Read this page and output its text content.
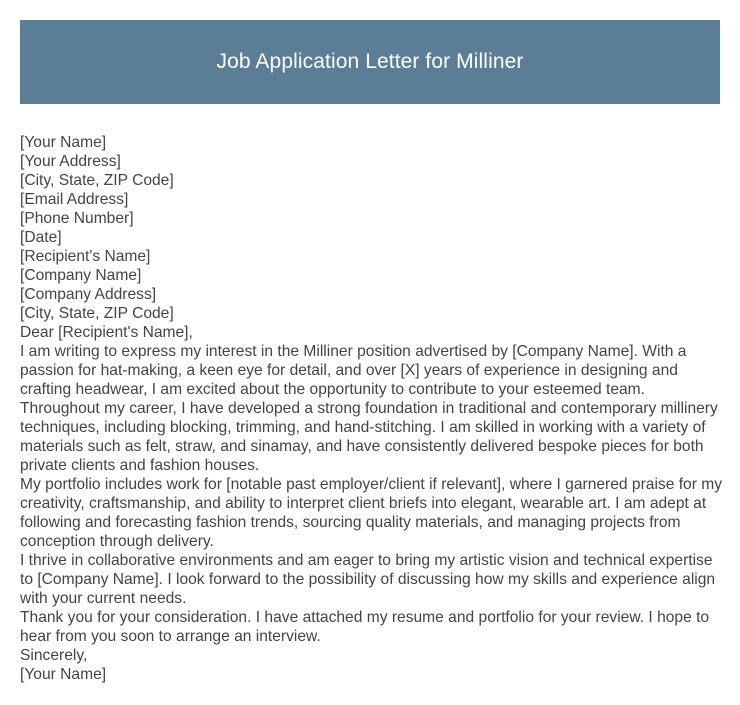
Job Application Letter for Milliner
[Your Name]
[Your Address]
[City, State, ZIP Code]
[Email Address]
[Phone Number]
[Date]
[Recipient's Name]
[Company Name]
[Company Address]
[City, State, ZIP Code]
Dear [Recipient's Name],
I am writing to express my interest in the Milliner position advertised by [Company Name]. With a passion for hat-making, a keen eye for detail, and over [X] years of experience in designing and crafting headwear, I am excited about the opportunity to contribute to your esteemed team.
Throughout my career, I have developed a strong foundation in traditional and contemporary millinery techniques, including blocking, trimming, and hand-stitching. I am skilled in working with a variety of materials such as felt, straw, and sinamay, and have consistently delivered bespoke pieces for both private clients and fashion houses.
My portfolio includes work for [notable past employer/client if relevant], where I garnered praise for my creativity, craftsmanship, and ability to interpret client briefs into elegant, wearable art. I am adept at following and forecasting fashion trends, sourcing quality materials, and managing projects from conception through delivery.
I thrive in collaborative environments and am eager to bring my artistic vision and technical expertise to [Company Name]. I look forward to the possibility of discussing how my skills and experience align with your current needs.
Thank you for your consideration. I have attached my resume and portfolio for your review. I hope to hear from you soon to arrange an interview.
Sincerely,
[Your Name]
